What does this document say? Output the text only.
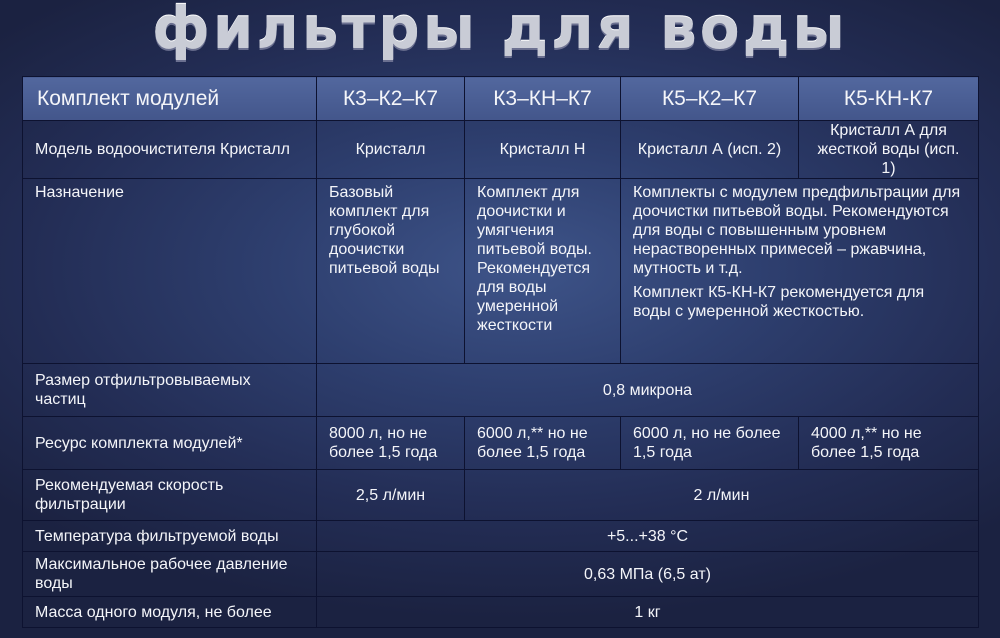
фильтры для воды
Комплект модулей	К3–К2–К7	К3–КН–К7	К5–К2–К7	К5-КН-К7
Модель водоочистителя Кристалл	Кристалл	Кристалл Н	Кристалл А (исп. 2)	Кристалл А для жесткой воды (исп. 1)
Назначение	Базовый комплект для глубокой доочистки питьевой воды	Комплект для доочистки и умягчения питьевой воды. Рекомендуется для воды умеренной жесткости	Комплекты с модулем предфильтрации для доочистки питьевой воды. Рекомендуются для воды с повышенным уровнем нерастворенных примесей – ржавчина, мутность и т.д.

Комплект К5-КН-К7 рекомендуется для воды с умеренной жесткостью.	

Размер отфильтровываемых частиц	0,8 микрона			
Ресурс комплекта модулей*	8000 л, но не более 1,5 года	6000 л,** но не более 1,5 года	6000 л, но не более 1,5 года	4000 л,** но не более 1,5 года
Рекомендуемая скорость фильтрации	2,5 л/мин	2 л/мин		
Температура фильтруемой воды	+5...+38 °С			
Максимальное рабочее давление воды	0,63 МПа (6,5 ат)			
Масса одного модуля, не более	1 кг			
